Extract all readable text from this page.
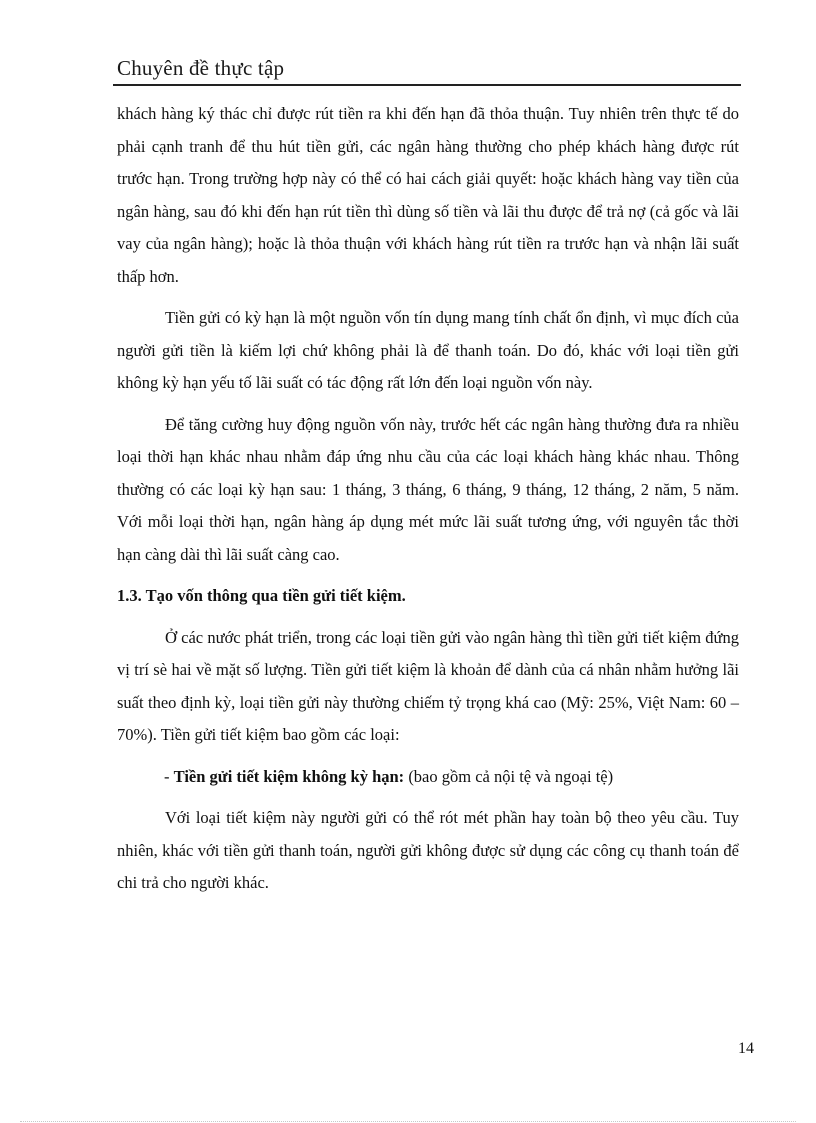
Chuyên đề thực tập

khách hàng ký thác chỉ được rút tiền ra khi đến hạn đã thỏa thuận. Tuy nhiên trên thực tế do phải cạnh tranh để thu hút tiền gửi, các ngân hàng thường cho phép khách hàng được rút trước hạn. Trong trường hợp này có thể có hai cách giải quyết: hoặc khách hàng vay tiền của ngân hàng, sau đó khi đến hạn rút tiền thì dùng số tiền và lãi thu được để trả nợ (cả gốc và lãi vay của ngân hàng); hoặc là thỏa thuận với khách hàng rút tiền ra trước hạn và nhận lãi suất thấp hơn.

Tiền gửi có kỳ hạn là một nguồn vốn tín dụng mang tính chất ổn định, vì mục đích của người gửi tiền là kiếm lợi chứ không phải là để thanh toán. Do đó, khác với loại tiền gửi không kỳ hạn yếu tố lãi suất có tác động rất lớn đến loại nguồn vốn này.

Để tăng cường huy động nguồn vốn này, trước hết các ngân hàng thường đưa ra nhiều loại thời hạn khác nhau nhằm đáp ứng nhu cầu của các loại khách hàng khác nhau. Thông thường có các loại kỳ hạn sau: 1 tháng, 3 tháng, 6 tháng, 9 tháng, 12 tháng, 2 năm, 5 năm. Với mỗi loại thời hạn, ngân hàng áp dụng mét mức lãi suất tương ứng, với nguyên tắc thời hạn càng dài thì lãi suất càng cao.

1.3. Tạo vốn thông qua tiền gửi tiết kiệm.

Ở các nước phát triển, trong các loại tiền gửi vào ngân hàng thì tiền gửi tiết kiệm đứng vị trí sè hai về mặt số lượng. Tiền gửi tiết kiệm là khoản để dành của cá nhân nhằm hưởng lãi suất theo định kỳ, loại tiền gửi này thường chiếm tỷ trọng khá cao (Mỹ: 25%, Việt Nam: 60 – 70%). Tiền gửi tiết kiệm bao gồm các loại:

- Tiền gửi tiết kiệm không kỳ hạn: (bao gồm cả nội tệ và ngoại tệ)

Với loại tiết kiệm này người gửi có thể rót mét phần hay toàn bộ theo yêu cầu. Tuy nhiên, khác với tiền gửi thanh toán, người gửi không được sử dụng các công cụ thanh toán để chi trả cho người khác.

14
